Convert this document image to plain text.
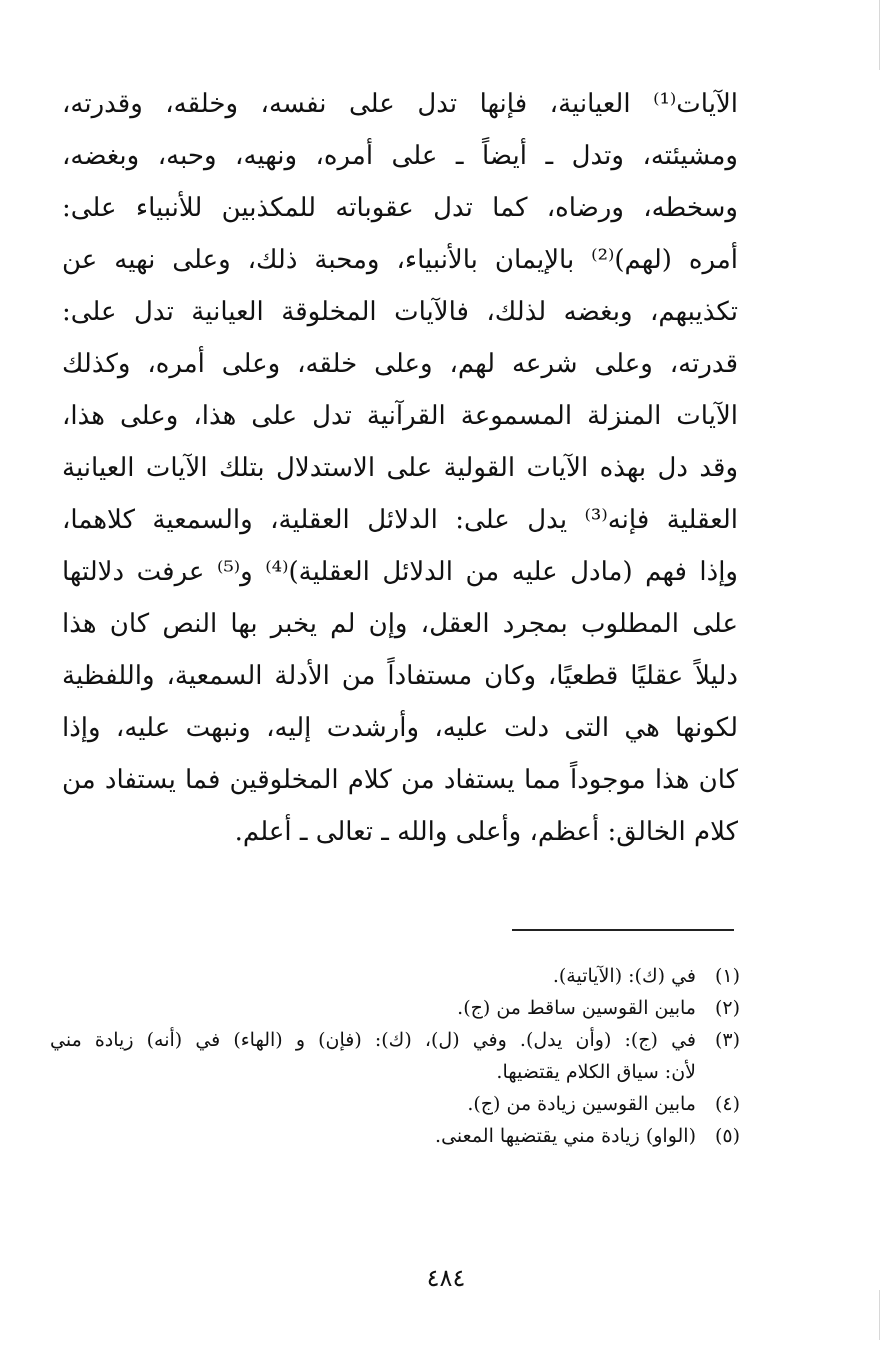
الآيات⁽¹⁾ العيانية، فإنها تدل على نفسه، وخلقه، وقدرته،
ومشيئته، وتدل ـ أيضاً ـ على أمره، ونهيه، وحبه، وبغضه،
وسخطه، ورضاه، كما تدل عقوباته للمكذبين للأنبياء على:
أمره (لهم)⁽²⁾ بالإيمان بالأنبياء، ومحبة ذلك، وعلى نهيه عن
تكذيبهم، وبغضه لذلك، فالآيات المخلوقة العيانية تدل على:
قدرته، وعلى شرعه لهم، وعلى خلقه، وعلى أمره، وكذلك
الآيات المنزلة المسموعة القرآنية تدل على هذا، وعلى هذا،
وقد دل بهذه الآيات القولية على الاستدلال بتلك الآيات العيانية
العقلية فإنه⁽³⁾ يدل على: الدلائل العقلية، والسمعية كلاهما،
وإذا فهم (مادل عليه من الدلائل العقلية)⁽⁴⁾ و⁽⁵⁾ عرفت دلالتها
على المطلوب بمجرد العقل، وإن لم يخبر بها النص كان هذا
دليلاً عقليًا قطعيًا، وكان مستفاداً من الأدلة السمعية، واللفظية
لكونها هي التى دلت عليه، وأرشدت إليه، ونبهت عليه، وإذا
كان هذا موجوداً مما يستفاد من كلام المخلوقين فما يستفاد من
كلام الخالق: أعظم، وأعلى والله ـ تعالى ـ أعلم.
(١)
في (ك): (الآياتية).
(٢)
مابين القوسين ساقط من (ج).
(٣)
في (ج): (وأن يدل). وفي (ل)، (ك): (فإن) و (الهاء) في (أنه) زيادة مني
لأن: سياق الكلام يقتضيها.
(٤)
مابين القوسين زيادة من (ج).
(٥)
(الواو) زيادة مني يقتضيها المعنى.
٤٨٤
